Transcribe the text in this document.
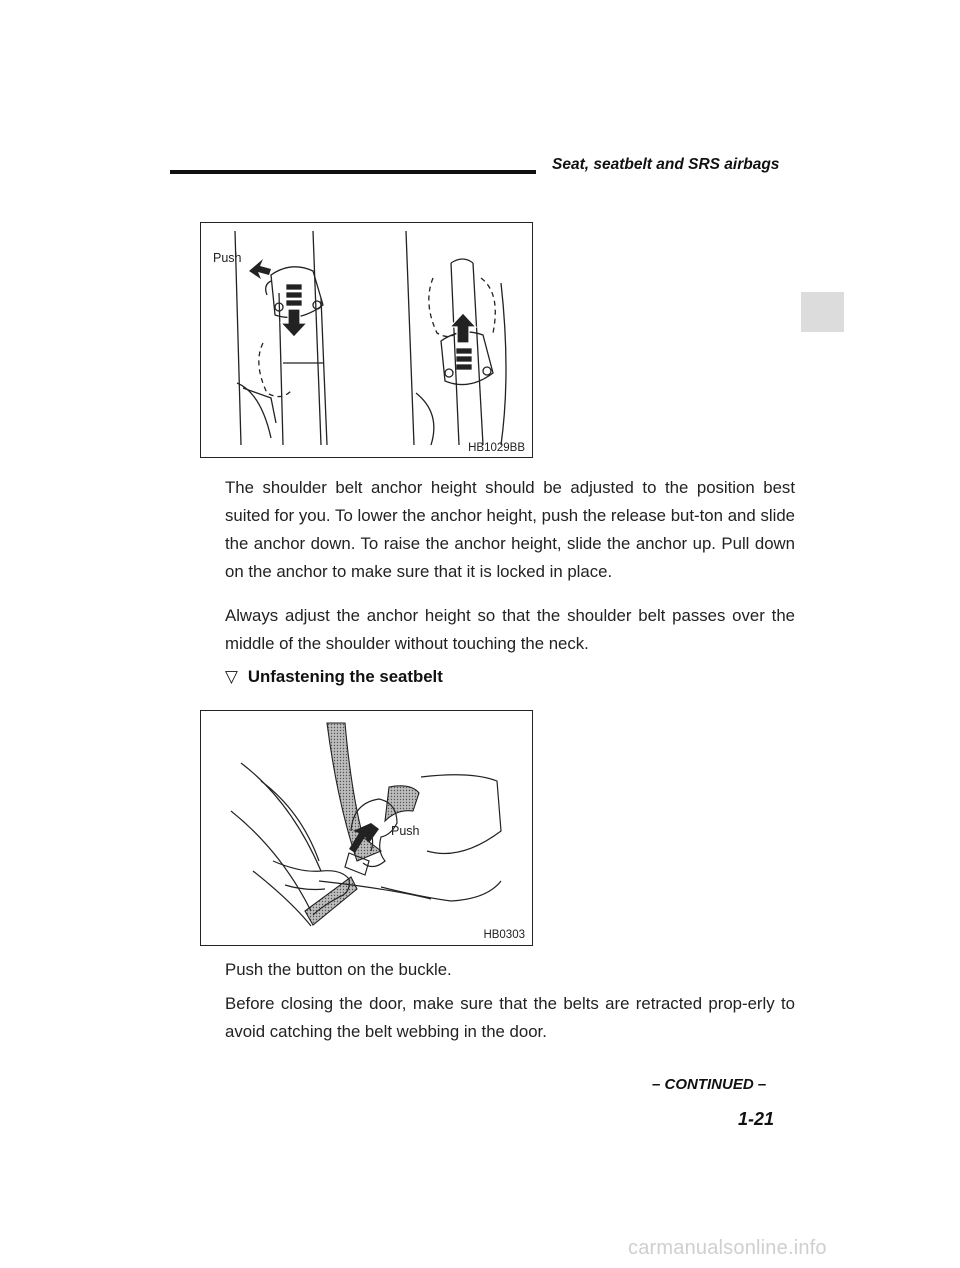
Seat, seatbelt and SRS airbags
Push
HB1029BB

The shoulder belt anchor height should be adjusted to the position best suited for you. To lower the anchor height, push the release but-ton and slide the anchor down. To raise the anchor height, slide the anchor up. Pull down on the anchor to make sure that it is locked in place.

Always adjust the anchor height so that the shoulder belt passes over the middle of the shoulder without touching the neck.

▽ Unfastening the seatbelt
Push
HB0303

Push the button on the buckle.

Before closing the door, make sure that the belts are retracted prop-erly to avoid catching the belt webbing in the door.

– CONTINUED –
1-21
carmanualsonline.info
